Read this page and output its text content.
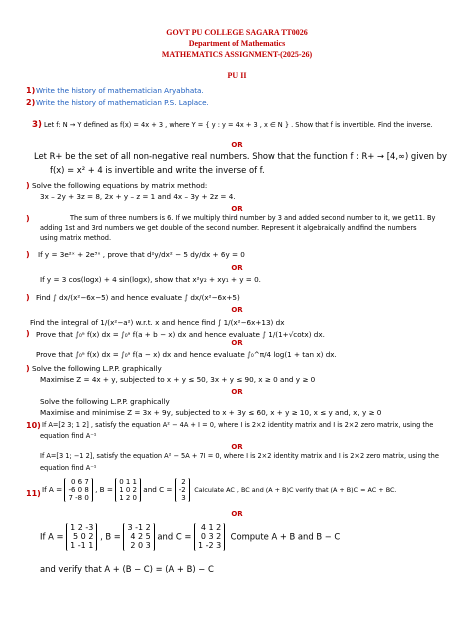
GOVT PU COLLEGE SAGARA TT0026
Department of Mathematics
MATHEMATICS ASSIGNMENT-(2025-26)
PU II
1) Write the history of mathematician Aryabhata.
2) Write the history of mathematician P.S. Laplace.
3) Let f: N → Y defined as f(x) = 4x + 3 , where Y = { y : y = 4x + 3 , x ∈ N } . Show that f is invertible. Find the inverse.
OR
Let R+ be the set of all non-negative real numbers. Show that the function f : R+ → [4,∞) given by
f(x) = x² + 4 is invertible and write the inverse of f.
) Solve the following equations by matrix method:
3x – 2y + 3z = 8, 2x + y – z = 1 and 4x – 3y + 2z = 4.
OR
)	The sum of three numbers is 6. If we multiply third number by 3 and added second number to it, we get11. By
adding 1st and 3rd numbers we get double of the second number. Represent it algebraically andfind the numbers
using matrix method.
) If y = 3e²ˣ + 2e³ˣ , prove that d²y/dx² − 5 dy/dx + 6y = 0
OR
If y = 3 cos(logx) + 4 sin(logx), show that x²y₂ + xy₁ + y = 0.
) Find ∫ dx/(x²−6x−5) and hence evaluate ∫ dx/(x²−6x+5)
OR
Find the integral of 1/(x²−a²) w.r.t. x and hence find ∫ 1/(x²−6x+13) dx
) Prove that ∫₀ᵃ f(x) dx = ∫₀ᵃ f(a + b − x) dx and hence evaluate ∫ 1/(1+√cotx) dx.
OR
Prove that ∫₀ᵃ f(x) dx = ∫₀ᵃ f(a − x) dx and hence evaluate ∫₀^π/4 log(1 + tan x) dx.
) Solve the following L.P.P. graphically
Maximise Z = 4x + y, subjected to x + y ≤ 50, 3x + y ≤ 90, x ≥ 0 and y ≥ 0
OR
Solve the following L.P.P. graphically
Maximise and minimise Z = 3x + 9y, subjected to x + 3y ≤ 60, x + y ≥ 10, x ≤ y and, x, y ≥ 0
10) If A=[2 3; 1 2] , satisfy the equation A² − 4A + I = 0, where I is 2×2 identity matrix and I is 2×2 zero matrix, using the
equation find A⁻¹
OR
If A=[3 1; −1 2], satisfy the equation A² − 5A + 7I = 0, where I is 2×2 identity matrix and I is 2×2 zero matrix, using the
equation find A⁻¹
11) If A =
0 6 7
-6 0 8
7 -8 0
, B =
0 1 1
1 0 2
1 2 0
and C =
2
-2
3
Calculate AC , BC and (A + B)C verify that (A + B)C = AC + BC.
OR
If A =
1 2 -3
5 0 2
1 -1 1
, B =
3 -1 2
4 2 5
2 0 3
and C =
4 1 2
0 3 2
1 -2 3
Compute A + B and B − C
and verify that A + (B − C) = (A + B) − C
